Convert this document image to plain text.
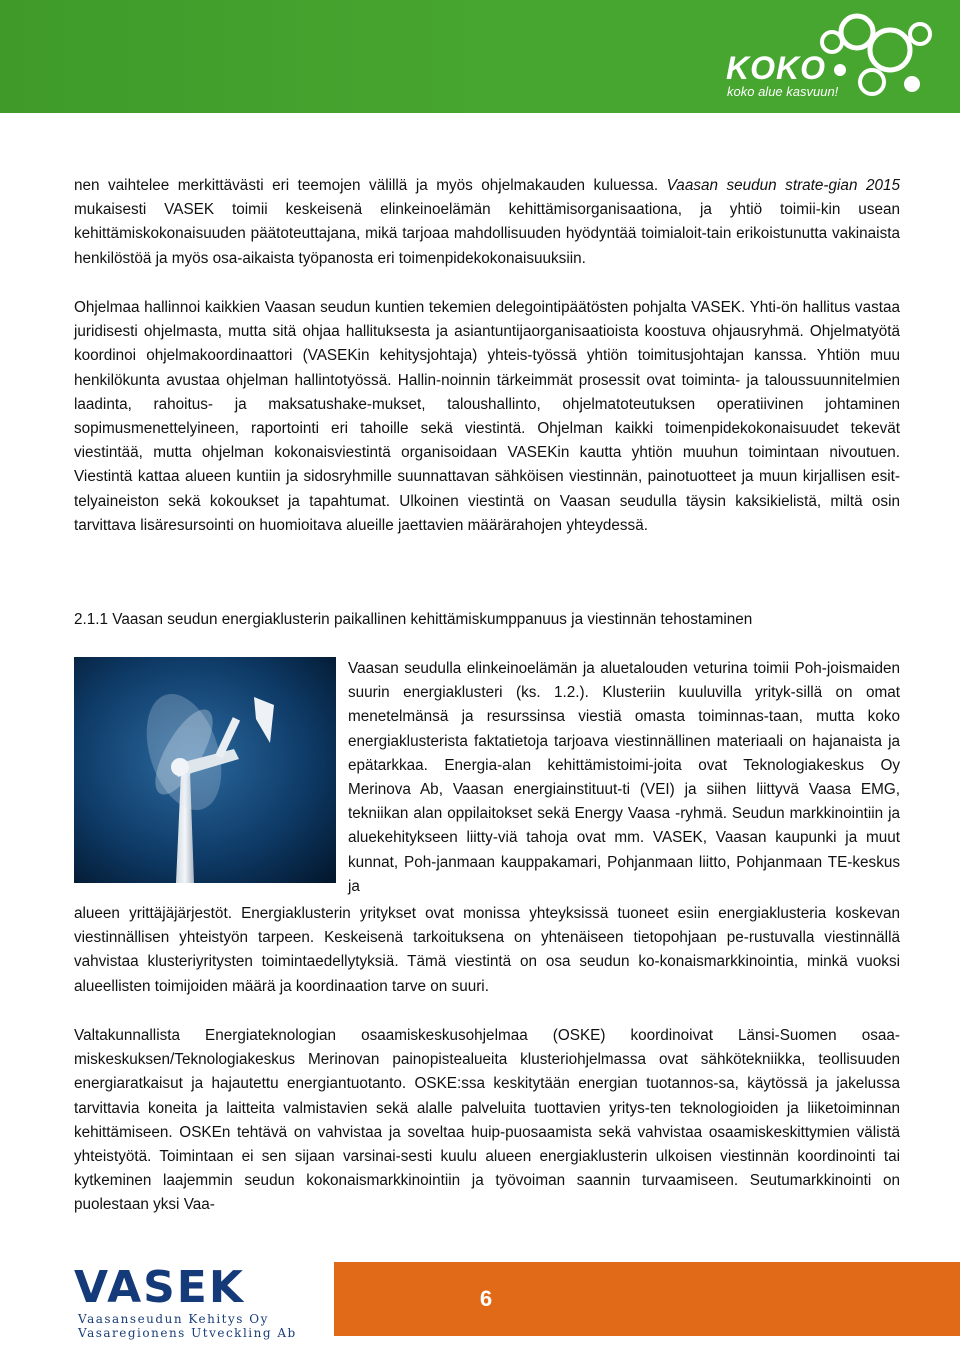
KOKO
koko alue kasvuun!

nen vaihtelee merkittävästi eri teemojen välillä ja myös ohjelmakauden kuluessa. Vaasan seudun strate-gian 2015 mukaisesti VASEK toimii keskeisenä elinkeinoelämän kehittämisorganisaationa, ja yhtiö toimii-kin usean kehittämiskokonaisuuden päätoteuttajana, mikä tarjoaa mahdollisuuden hyödyntää toimialoit-tain erikoistunutta vakinaista henkilöstöä ja myös osa-aikaista työpanosta eri toimenpidekokonaisuuksiin.

Ohjelmaa hallinnoi kaikkien Vaasan seudun kuntien tekemien delegointipäätösten pohjalta VASEK. Yhti-ön hallitus vastaa juridisesti ohjelmasta, mutta sitä ohjaa hallituksesta ja asiantuntijaorganisaatioista koostuva ohjausryhmä. Ohjelmatyötä koordinoi ohjelmakoordinaattori (VASEKin kehitysjohtaja) yhteis-työssä yhtiön toimitusjohtajan kanssa. Yhtiön muu henkilökunta avustaa ohjelman hallintotyössä. Hallin-noinnin tärkeimmät prosessit ovat toiminta- ja taloussuunnitelmien laadinta, rahoitus- ja maksatushake-mukset, taloushallinto, ohjelmatoteutuksen operatiivinen johtaminen sopimusmenettelyineen, raportointi eri tahoille sekä viestintä. Ohjelman kaikki toimenpidekokonaisuudet tekevät viestintää, mutta ohjelman kokonaisviestintä organisoidaan VASEKin kautta yhtiön muuhun toimintaan nivoutuen. Viestintä kattaa alueen kuntiin ja sidosryhmille suunnattavan sähköisen viestinnän, painotuotteet ja muun kirjallisen esit-telyaineiston sekä kokoukset ja tapahtumat. Ulkoinen viestintä on Vaasan seudulla täysin kaksikielistä, miltä osin tarvittava lisäresursointi on huomioitava alueille jaettavien määrärahojen yhteydessä.

2.1.1 Vaasan seudun energiaklusterin paikallinen kehittämiskumppanuus ja viestinnän tehostaminen

Vaasan seudulla elinkeinoelämän ja aluetalouden veturina toimii Poh-joismaiden suurin energiaklusteri (ks. 1.2.). Klusteriin kuuluvilla yrityk-sillä on omat menetelmänsä ja resurssinsa viestiä omasta toiminnas-taan, mutta koko energiaklusterista faktatietoja tarjoava viestinnällinen materiaali on hajanaista ja epätarkkaa. Energia-alan kehittämistoimi-joita ovat Teknologiakeskus Oy Merinova Ab, Vaasan energiainstituut-ti (VEI) ja siihen liittyvä Vaasa EMG, tekniikan alan oppilaitokset sekä Energy Vaasa -ryhmä. Seudun markkinointiin ja aluekehitykseen liitty-viä tahoja ovat mm. VASEK, Vaasan kaupunki ja muut kunnat, Poh-janmaan kauppakamari, Pohjanmaan liitto, Pohjanmaan TE-keskus ja

alueen yrittäjäjärjestöt. Energiaklusterin yritykset ovat monissa yhteyksissä tuoneet esiin energiaklusteria koskevan viestinnällisen yhteistyön tarpeen. Keskeisenä tarkoituksena on yhtenäiseen tietopohjaan pe-rustuvalla viestinnällä vahvistaa klusteriyritysten toimintaedellytyksiä. Tämä viestintä on osa seudun ko-konaismarkkinointia, minkä vuoksi alueellisten toimijoiden määrä ja koordinaation tarve on suuri.

Valtakunnallista Energiateknologian osaamiskeskusohjelmaa (OSKE) koordinoivat Länsi-Suomen osaa-miskeskuksen/Teknologiakeskus Merinovan painopistealueita klusteriohjelmassa ovat sähkötekniikka, teollisuuden energiaratkaisut ja hajautettu energiantuotanto. OSKE:ssa keskitytään energian tuotannos-sa, käytössä ja jakelussa tarvittavia koneita ja laitteita valmistavien sekä alalle palveluita tuottavien yritys-ten teknologioiden ja liiketoiminnan kehittämiseen. OSKEn tehtävä on vahvistaa ja soveltaa huip-puosaamista sekä vahvistaa osaamiskeskittymien välistä yhteistyötä. Toimintaan ei sen sijaan varsinai-sesti kuulu alueen energiaklusterin ulkoisen viestinnän koordinointi tai kytkeminen laajemmin seudun kokonaismarkkinointiin ja työvoiman saannin turvaamiseen. Seutumarkkinointi on puolestaan yksi Vaa-

VASEK
Vaasanseudun Kehitys Oy
Vasaregionens Utveckling Ab
6
